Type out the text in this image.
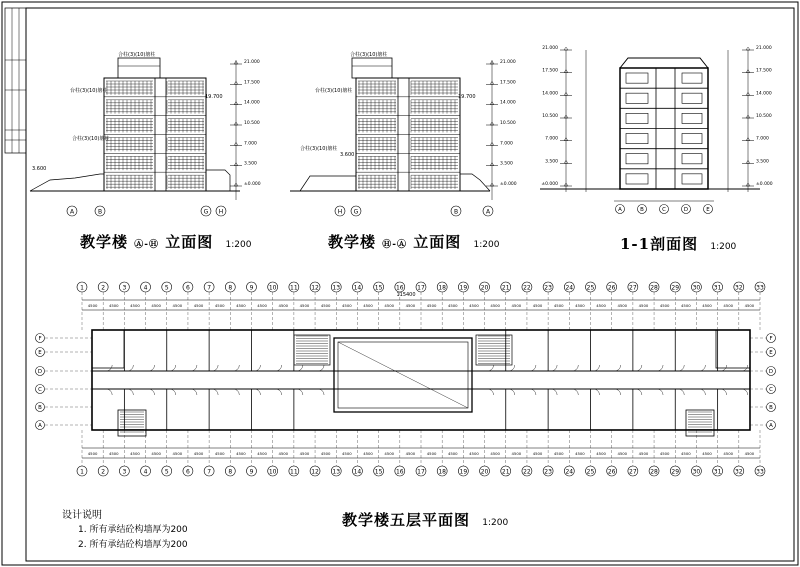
21.000
17.500
14.000
10.500
7.000
3.500
±0.000
合柱(3)(10)塘柱
台柱(3)(10)塘柱
合柱(3)(10)塘柱
19.700
3.600
A	B	G H
21.000
17.500
14.000
10.500
7.000
3.500
±0.000
合柱(3)(10)塘柱
台柱(3)(10)塘柱
合柱(3)(10)塘柱
19.700
3.600
H G	B	A
21.000
17.500
14.000
10.500
7.000
3.500
±0.000
21.000
17.500
14.000
10.500
7.000
3.500
±0.000
A	B	C	D	E
1
4500
2
4500
3
4500
4
4500
5
4500
6
4500
7
4500
8
4500
9
4500
10
4500
11
4500
12
4500
13
4500
14
4500
15
4500
16
4500
17
4500
18
4500
19
4500
20
4500
21
4500
22
4500
23
4500
24
4500
25
4500
26
4500
27
4500
28
4500
29
4500
30
4500
31
4500
32
4500
33
1
4500
2
4500
3
4500
4
4500
5
4500
6
4500
7
4500
8
4500
9
4500
10
4500
11
4500
12
4500
13
4500
14
4500
15
4500
16
4500
17
4500
18
4500
19
4500
20
4500
21
4500
22
4500
23
4500
24
4500
25
4500
26
4500
27
4500
28
4500
29
4500
30
4500
31
4500
32
4500
33
F	F
E	E
D	D
C	C
B	B
A	A
115400
教学楼 Ⓐ-Ⓗ 立面图 1:200	教学楼 Ⓗ-Ⓐ 立面图 1:200	1-1剖面图 1:200
教学楼五层平面图 1:200
设计说明
1. 所有承结砼构墙厚为200
2. 所有承结砼构墙厚为200
